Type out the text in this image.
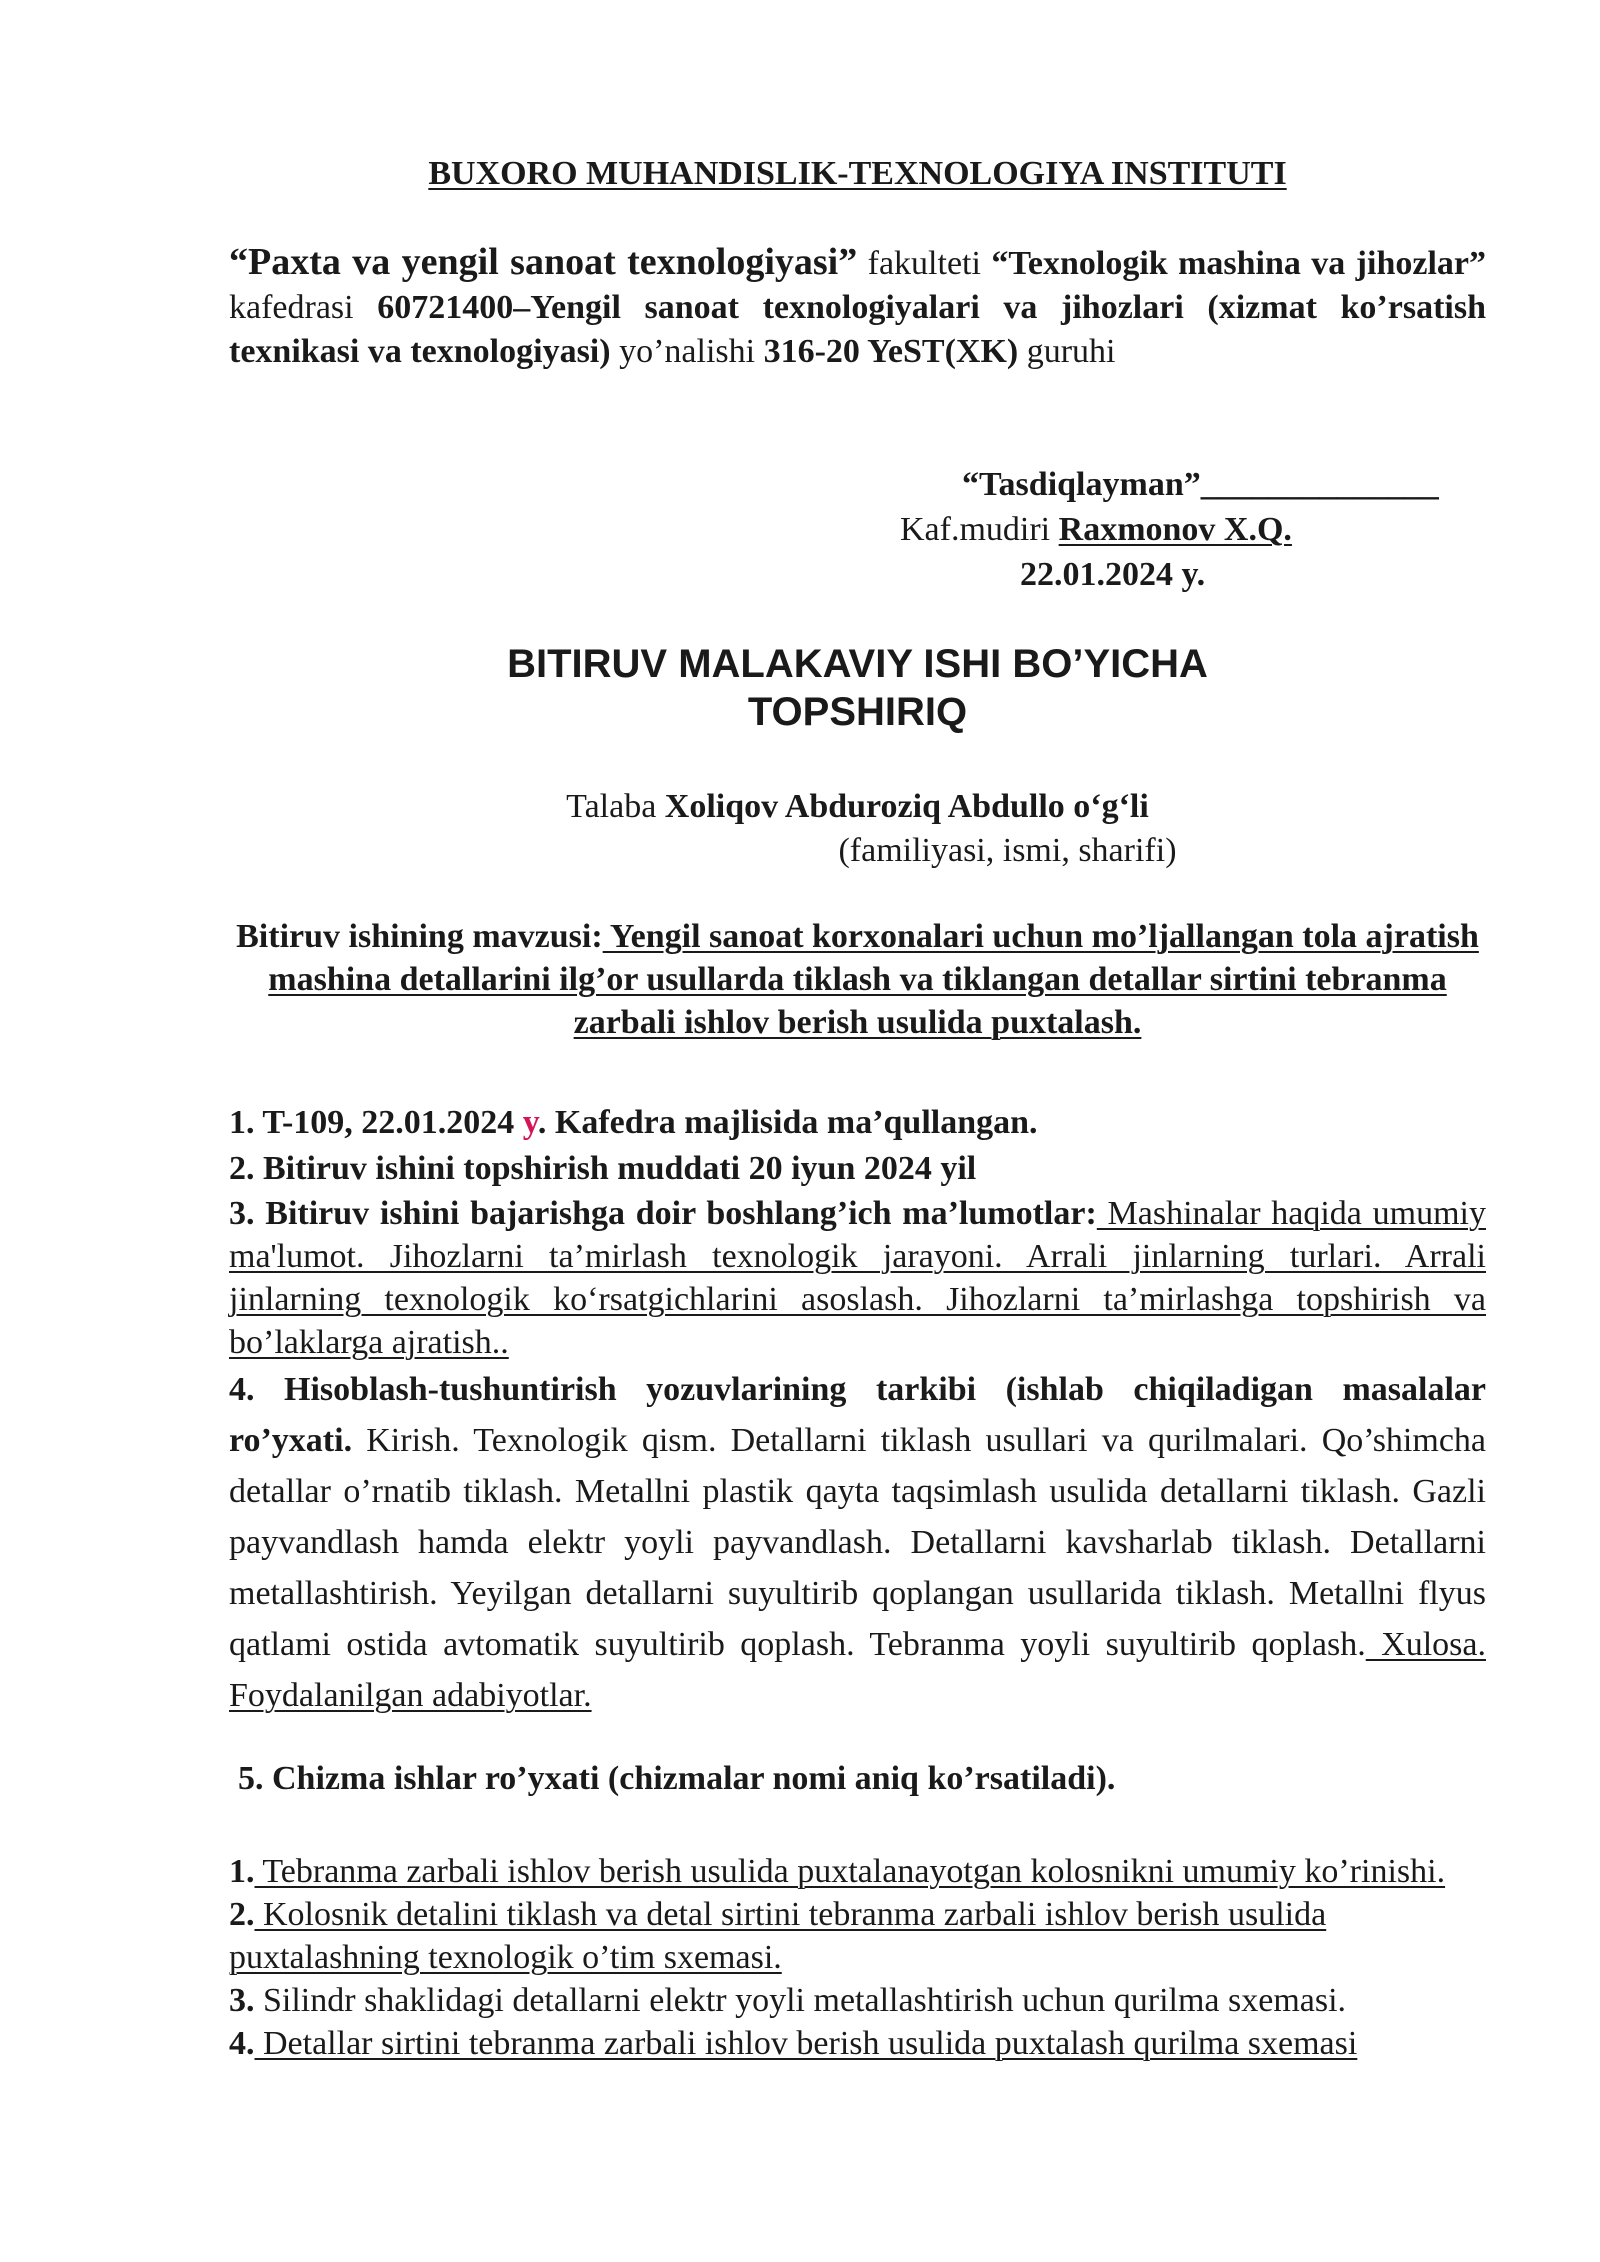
BUXORO MUHANDISLIK-TEXNOLOGIYA INSTITUTI

“Paxta va yengil sanoat texnologiyasi” fakulteti “Texnologik mashina va jihozlar” kafedrasi 60721400–Yengil sanoat texnologiyalari va jihozlari (xizmat ko’rsatish texnikasi va texnologiyasi) yo’nalishi 316-20 YeST(XK) guruhi

“Tasdiqlayman”______________
Kaf.mudiri Raxmonov X.Q.
22.01.2024 y.
BITIRUV MALAKAVIY ISHI BO’YICHA
TOPSHIRIQ
Talaba Xoliqov Abduroziq Abdullo o‘g‘li
(familiyasi, ismi, sharifi)

Bitiruv ishining mavzusi: Yengil sanoat korxonalari uchun mo’ljallangan tola ajratish mashina detallarini ilg’or usullarda tiklash va tiklangan detallar sirtini tebranma zarbali ishlov berish usulida puxtalash.

1. T-109, 22.01.2024 y. Kafedra majlisida ma’qullangan.

2. Bitiruv ishini topshirish muddati 20 iyun 2024 yil

3. Bitiruv ishini bajarishga doir boshlang’ich ma’lumotlar: Mashinalar haqida umumiy ma'lumot. Jihozlarni ta’mirlash texnologik jarayoni. Arrali jinlarning turlari. Arrali jinlarning texnologik ko‘rsatgichlarini asoslash. Jihozlarni ta’mirlashga topshirish va bo’laklarga ajratish..

4. Hisoblash-tushuntirish yozuvlarining tarkibi (ishlab chiqiladigan masalalar ro’yxati. Kirish. Texnologik qism. Detallarni tiklash usullari va qurilmalari. Qo’shimcha detallar o’rnatib tiklash. Metallni plastik qayta taqsimlash usulida detallarni tiklash. Gazli payvandlash hamda elektr yoyli payvandlash. Detallarni kavsharlab tiklash. Detallarni metallashtirish. Yeyilgan detallarni suyultirib qoplangan usullarida tiklash. Metallni flyus qatlami ostida avtomatik suyultirib qoplash. Tebranma yoyli suyultirib qoplash. Xulosa. Foydalanilgan adabiyotlar.

5. Chizma ishlar ro’yxati (chizmalar nomi aniq ko’rsatiladi).

1. Tebranma zarbali ishlov berish usulida puxtalanayotgan kolosnikni umumiy ko’rinishi.

2. Kolosnik detalini tiklash va detal sirtini tebranma zarbali ishlov berish usulida puxtalashning texnologik o’tim sxemasi.

3. Silindr shaklidagi detallarni elektr yoyli metallashtirish uchun qurilma sxemasi.

4. Detallar sirtini tebranma zarbali ishlov berish usulida puxtalash qurilma sxemasi
